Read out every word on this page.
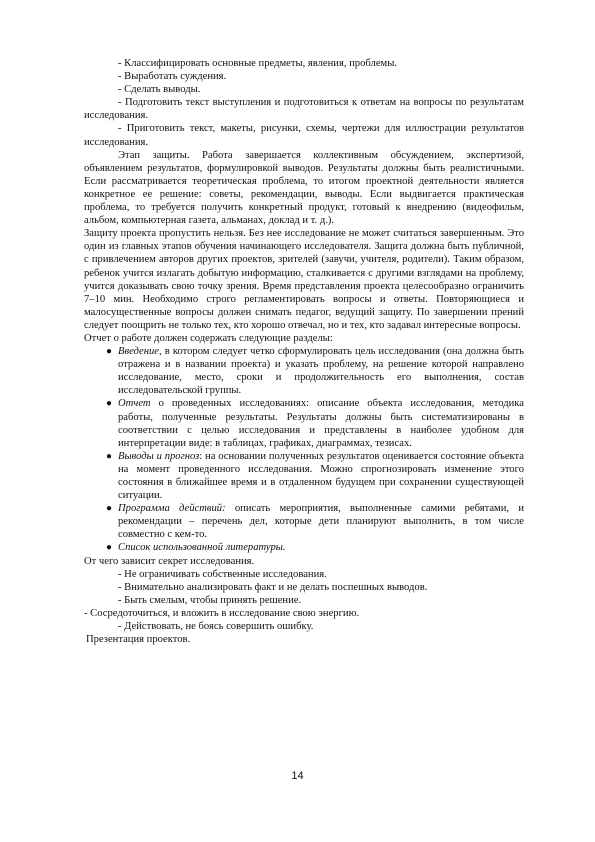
- Классифицировать основные предметы, явления, проблемы.

- Выработать суждения.

- Сделать выводы.

- Подготовить текст выступления и подготовиться к ответам на вопросы по результатам исследования.

- Приготовить текст, макеты, рисунки, схемы, чертежи для иллюстрации результатов исследования.

Этап защиты. Работа завершается коллективным обсуждением, экспертизой, объявлением результатов, формулировкой выводов. Результаты должны быть реалистичными. Если рассматривается теоретическая проблема, то итогом проектной деятельности является конкретное ее решение: советы, рекомендации, выводы. Если выдвигается практическая проблема, то требуется получить конкретный продукт, готовый к внедрению (видеофильм, альбом, компьютерная газета, альманах, доклад и т. д.).

Защиту проекта пропустить нельзя. Без нее исследование не может считаться завершенным. Это один из главных этапов обучения начинающего исследователя. Защита должна быть публичной, с привлечением авторов других проектов, зрителей (завучи, учителя, родители). Таким образом, ребенок учится излагать добытую информацию, сталкивается с другими взглядами на проблему, учится доказывать свою точку зрения. Время представления проекта целесообразно ограничить 7–10 мин. Необходимо строго регламентировать вопросы и ответы. Повторяющиеся и малосущественные вопросы должен снимать педагог, ведущий защиту. По завершении прений следует поощрить не только тех, кто хорошо отвечал, но и тех, кто задавал интересные вопросы.

Отчет о работе должен содержать следующие разделы:

● Введение, в котором следует четко сформулировать цель исследования (она должна быть отражена и в названии проекта) и указать проблему, на решение которой направлено исследование, место, сроки и продолжительность его выполнения, состав исследовательской группы.
● Отчет о проведенных исследованиях: описание объекта исследования, методика работы, полученные результаты. Результаты должны быть систематизированы в соответствии с целью исследования и представлены в наиболее удобном для интерпретации виде: в таблицах, графиках, диаграммах, тезисах.
● Выводы и прогноз: на основании полученных результатов оценивается состояние объекта на момент проведенного исследования. Можно спрогнозировать изменение этого состояния в ближайшее время и в отдаленном будущем при сохранении существующей ситуации.
● Программа действий: описать мероприятия, выполненные самими ребятами, и рекомендации – перечень дел, которые дети планируют выполнить, в том числе совместно с кем-то.
● Список использованной литературы.

От чего зависит секрет исследования.

- Не ограничивать собственные исследования.

- Внимательно анализировать факт и не делать поспешных выводов.

- Быть смелым, чтобы принять решение.

- Сосредоточиться, и вложить в исследование свою энергию.

- Действовать, не боясь совершить ошибку.

Презентация проектов.

14
